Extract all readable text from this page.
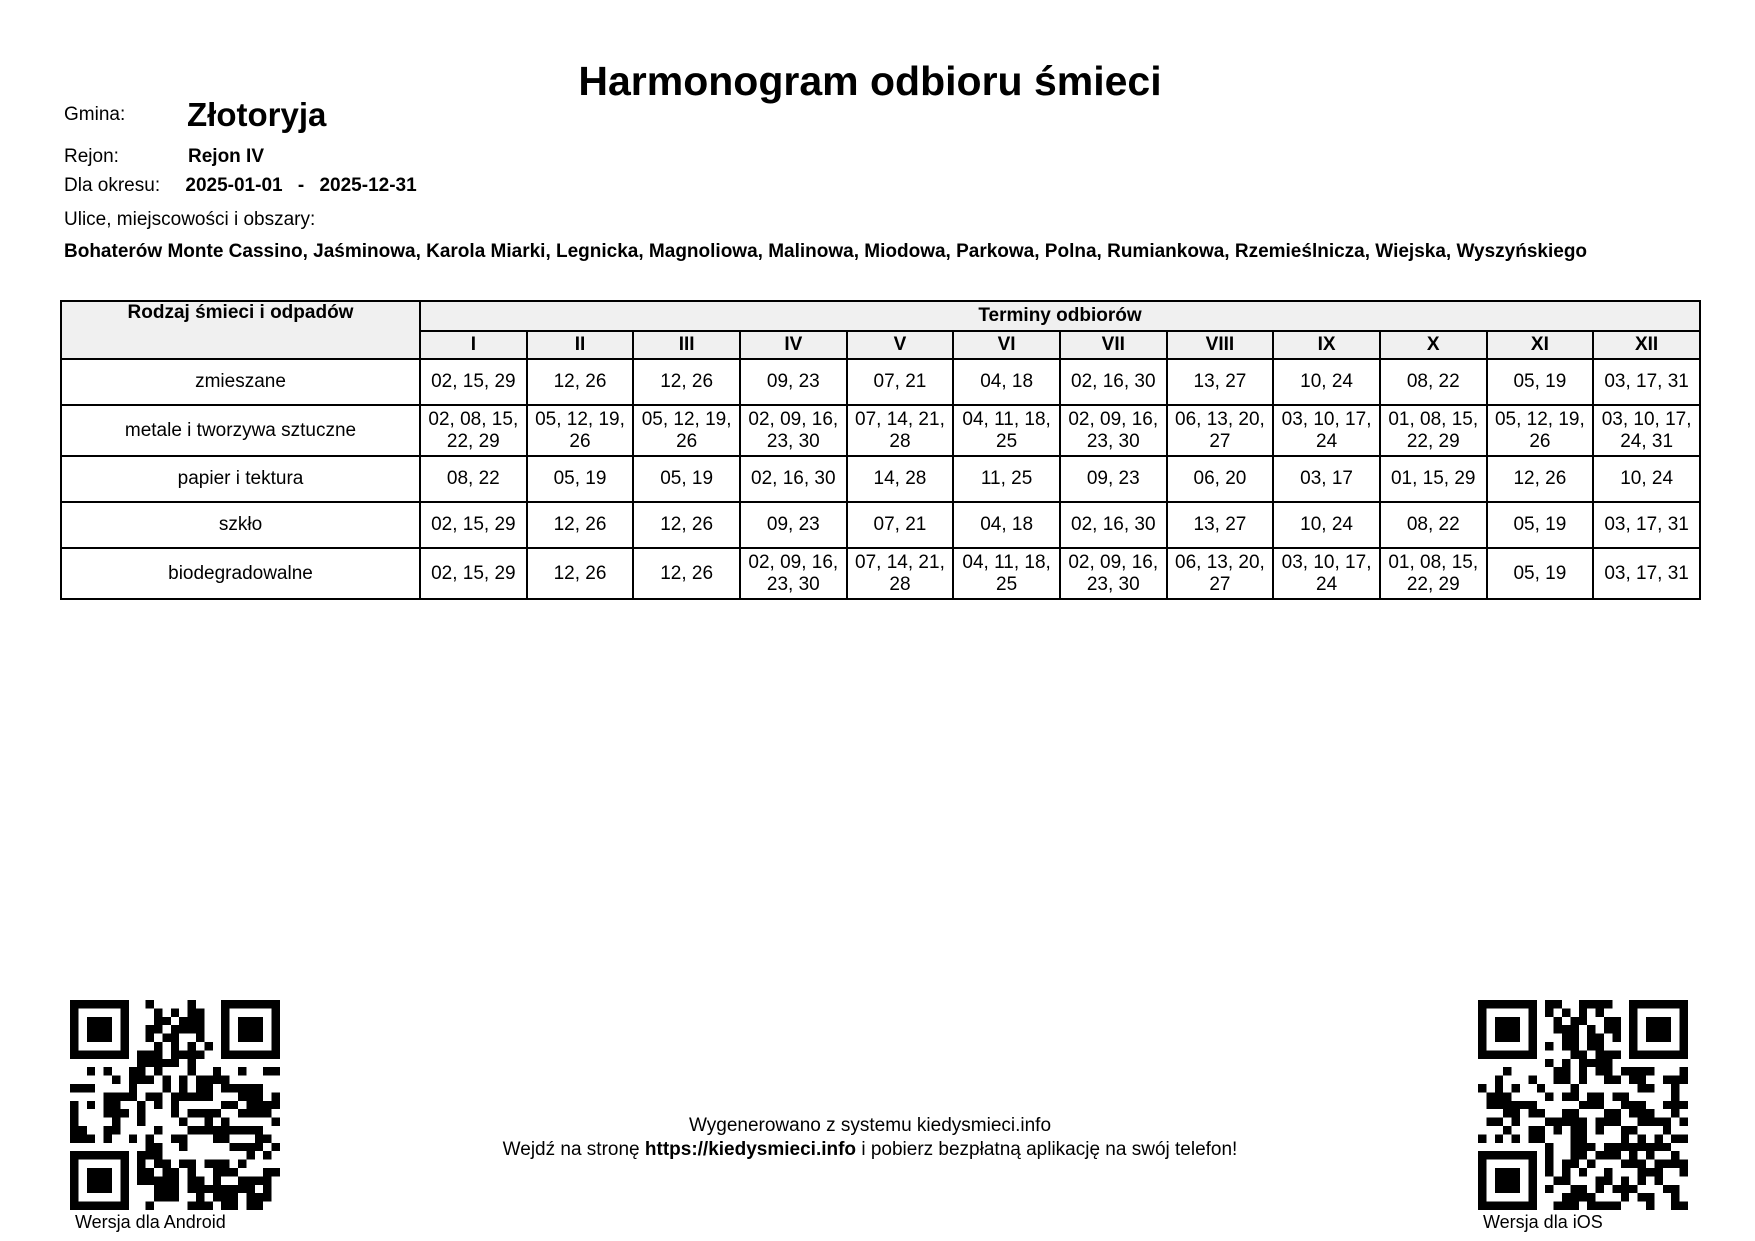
Harmonogram odbioru śmieci
Gmina: Złotoryja
Rejon:	Rejon IV
Dla okresu: 2025-01-01 - 2025-12-31
Ulice, miejscowości i obszary:
Bohaterów Monte Cassino, Jaśminowa, Karola Miarki, Legnicka, Magnoliowa, Malinowa, Miodowa, Parkowa, Polna, Rumiankowa, Rzemieślnicza, Wiejska, Wyszyńskiego
Rodzaj śmieci i odpadów	Terminy odbiorów											
	I	II	III	IV	V	VI	VII	VIII	IX	X	XI	XII
zmieszane	02, 15, 29	12, 26	12, 26	09, 23	07, 21	04, 18	02, 16, 30	13, 27	10, 24	08, 22	05, 19	03, 17, 31
metale i tworzywa sztuczne	02, 08, 15, 22, 29	05, 12, 19, 26	05, 12, 19, 26	02, 09, 16, 23, 30	07, 14, 21, 28	04, 11, 18, 25	02, 09, 16, 23, 30	06, 13, 20, 27	03, 10, 17, 24	01, 08, 15, 22, 29	05, 12, 19, 26	03, 10, 17, 24, 31
papier i tektura	08, 22	05, 19	05, 19	02, 16, 30	14, 28	11, 25	09, 23	06, 20	03, 17	01, 15, 29	12, 26	10, 24
szkło	02, 15, 29	12, 26	12, 26	09, 23	07, 21	04, 18	02, 16, 30	13, 27	10, 24	08, 22	05, 19	03, 17, 31
biodegradowalne	02, 15, 29	12, 26	12, 26	02, 09, 16, 23, 30	07, 14, 21, 28	04, 11, 18, 25	02, 09, 16, 23, 30	06, 13, 20, 27	03, 10, 17, 24	01, 08, 15, 22, 29	05, 19	03, 17, 31
Wersja dla Android	Wersja dla iOS
Wygenerowano z systemu kiedysmieci.info
Wejdź na stronę https://kiedysmieci.info i pobierz bezpłatną aplikację na swój telefon!
